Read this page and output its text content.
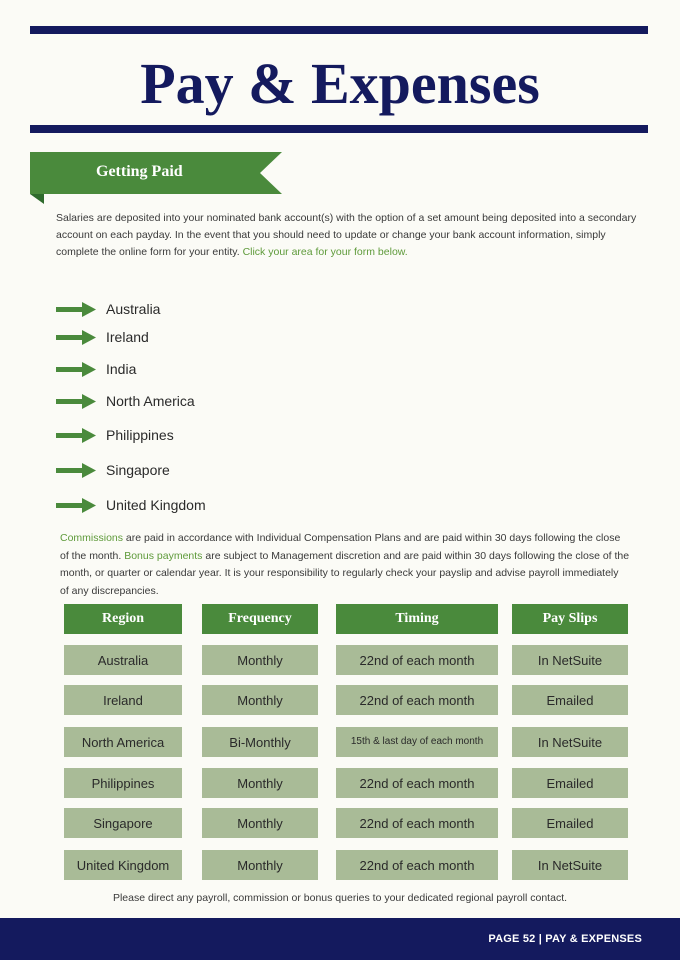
Pay & Expenses
Getting Paid

Salaries are deposited into your nominated bank account(s) with the option of a set amount being deposited into a secondary account on each payday. In the event that you should need to update or change your bank account information, simply complete the online form for your entity. Click your area for your form below.

Australia
Ireland
India
North America
Philippines
Singapore
United Kingdom

Commissions are paid in accordance with Individual Compensation Plans and are paid within 30 days following the close of the month. Bonus payments are subject to Management discretion and are paid within 30 days following the close of the month, or quarter or calendar year. It is your responsibility to regularly check your payslip and advise payroll immediately of any discrepancies.

Region	Frequency	Timing	Pay Slips
Australia	Monthly	22nd of each month	In NetSuite
Ireland	Monthly	22nd of each month	Emailed
North America	Bi-Monthly	15th & last day of each month	In NetSuite
Philippines	Monthly	22nd of each month	Emailed
Singapore	Monthly	22nd of each month	Emailed
United Kingdom	Monthly	22nd of each month	In NetSuite

Please direct any payroll, commission or bonus queries to your dedicated regional payroll contact.

PAGE 52 | PAY & EXPENSES
